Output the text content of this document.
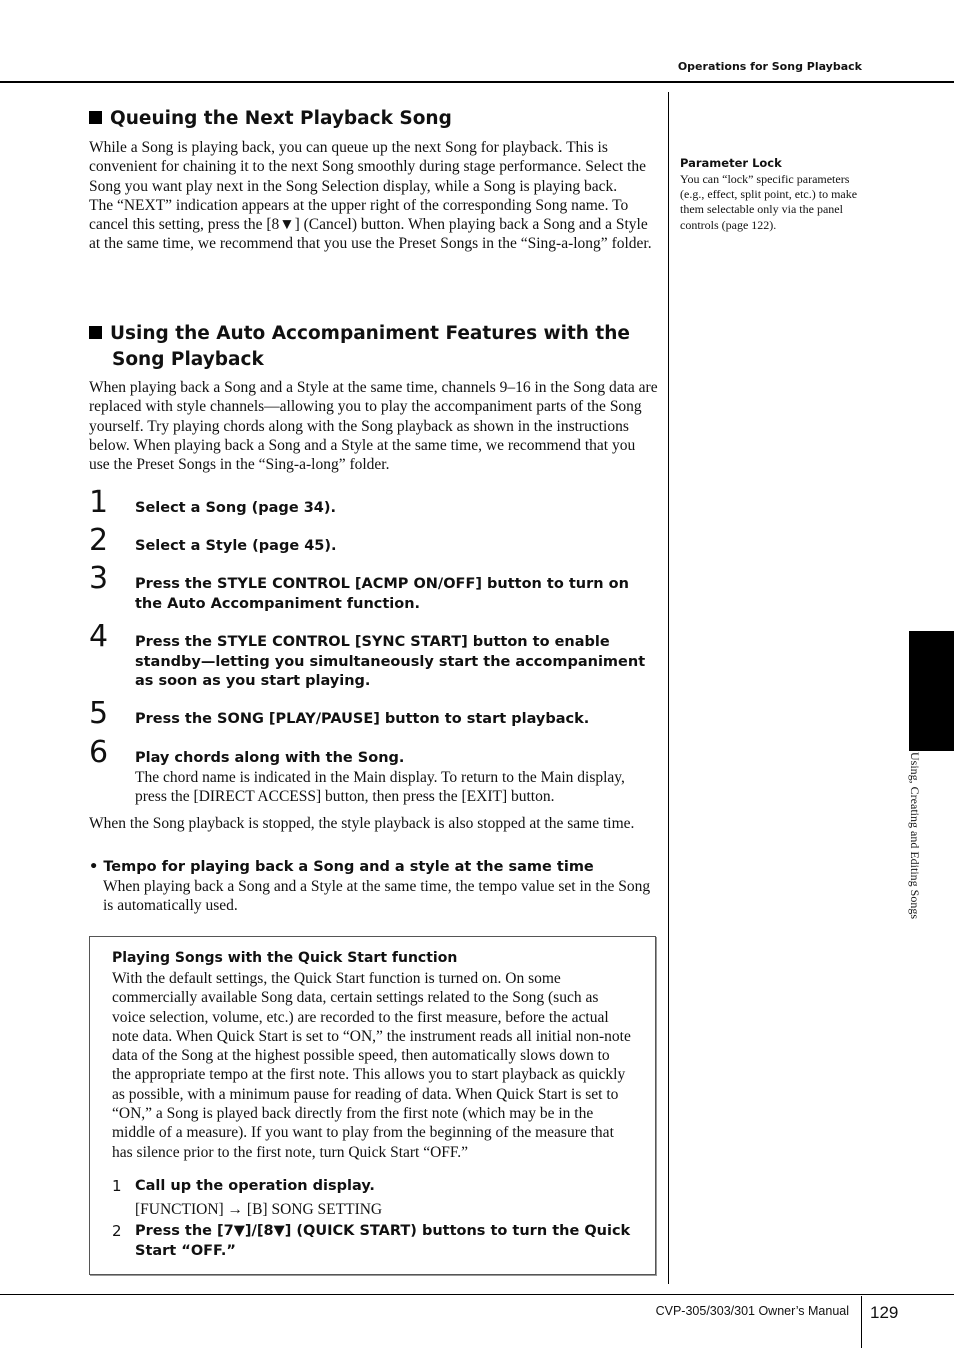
Operations for Song Playback
Queuing the Next Playback Song

While a Song is playing back, you can queue up the next Song for playback. This is convenient for chaining it to the next Song smoothly during stage performance. Select the Song you want play next in the Song Selection display, while a Song is playing back.

The “NEXT” indication appears at the upper right of the corresponding Song name. To cancel this setting, press the [8▼] (Cancel) button. When playing back a Song and a Style at the same time, we recommend that you use the Preset Songs in the “Sing-a-long” folder.

Using the Auto Accompaniment Features with the
Song Playback
When playing back a Song and a Style at the same time, channels 9–16 in the Song data are replaced with style channels—allowing you to play the accompaniment parts of the Song yourself. Try playing chords along with the Song playback as shown in the instructions below. When playing back a Song and a Style at the same time, we recommend that you use the Preset Songs in the “Sing-a-long” folder.
1 Select a Song (page 34).
2 Select a Style (page 45).
3 Press the STYLE CONTROL [ACMP ON/OFF] button to turn on the Auto Accompaniment function.
4 Press the STYLE CONTROL [SYNC START] button to enable standby—letting you simultaneously start the accompaniment as soon as you start playing.
5 Press the SONG [PLAY/PAUSE] button to start playback.
6 Play chords along with the Song.
The chord name is indicated in the Main display. To return to the Main display, press the [DIRECT ACCESS] button, then press the [EXIT] button.
When the Song playback is stopped, the style playback is also stopped at the same time.
• Tempo for playing back a Song and a style at the same time
When playing back a Song and a Style at the same time, the tempo value set in the Song is automatically used.
Playing Songs with the Quick Start function
With the default settings, the Quick Start function is turned on. On some commercially available Song data, certain settings related to the Song (such as voice selection, volume, etc.) are recorded to the first measure, before the actual note data. When Quick Start is set to “ON,” the instrument reads all initial non-note data of the Song at the highest possible speed, then automatically slows down to the appropriate tempo at the first note. This allows you to start playback as quickly as possible, with a minimum pause for reading of data. When Quick Start is set to “ON,” a Song is played back directly from the first note (which may be in the middle of a measure). If you want to play from the beginning of the measure that has silence prior to the first note, turn Quick Start “OFF.”
1 Call up the operation display.
[FUNCTION] → [B] SONG SETTING
2 Press the [7▼]/[8▼] (QUICK START) buttons to turn the Quick Start “OFF.”
Parameter Lock
You can “lock” specific parameters (e.g., effect, split point, etc.) to make them selectable only via the panel controls (page 122).
Using, Creating and Editing Songs
CVP-305/303/301 Owner’s Manual 129
